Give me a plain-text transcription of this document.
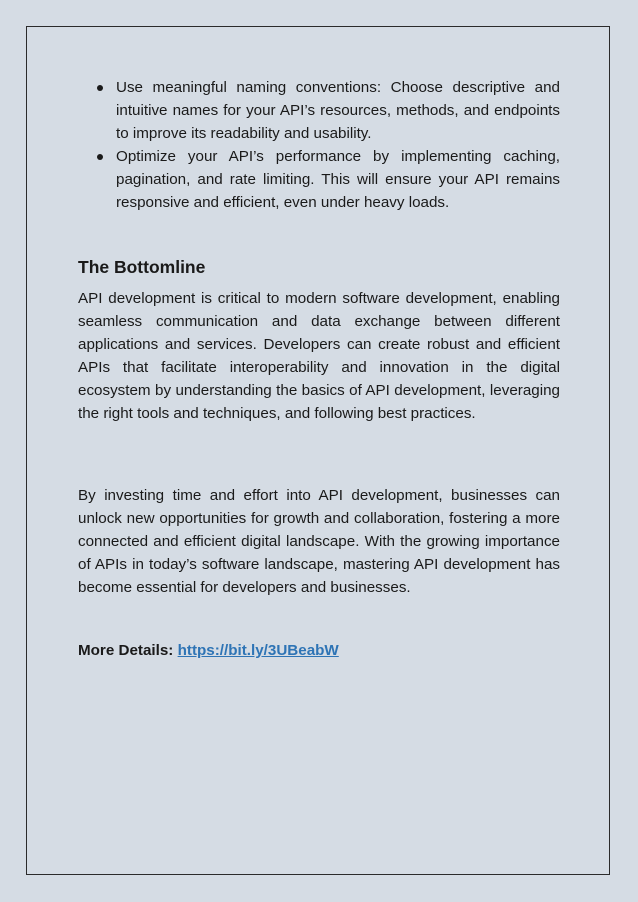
Use meaningful naming conventions: Choose descriptive and intuitive names for your API’s resources, methods, and endpoints to improve its readability and usability.
Optimize your API’s performance by implementing caching, pagination, and rate limiting. This will ensure your API remains responsive and efficient, even under heavy loads.
The Bottomline

API development is critical to modern software development, enabling seamless communication and data exchange between different applications and services. Developers can create robust and efficient APIs that facilitate interoperability and innovation in the digital ecosystem by understanding the basics of API development, leveraging the right tools and techniques, and following best practices.

By investing time and effort into API development, businesses can unlock new opportunities for growth and collaboration, fostering a more connected and efficient digital landscape. With the growing importance of APIs in today’s software landscape, mastering API development has become essential for developers and businesses.

More Details: https://bit.ly/3UBeabW
